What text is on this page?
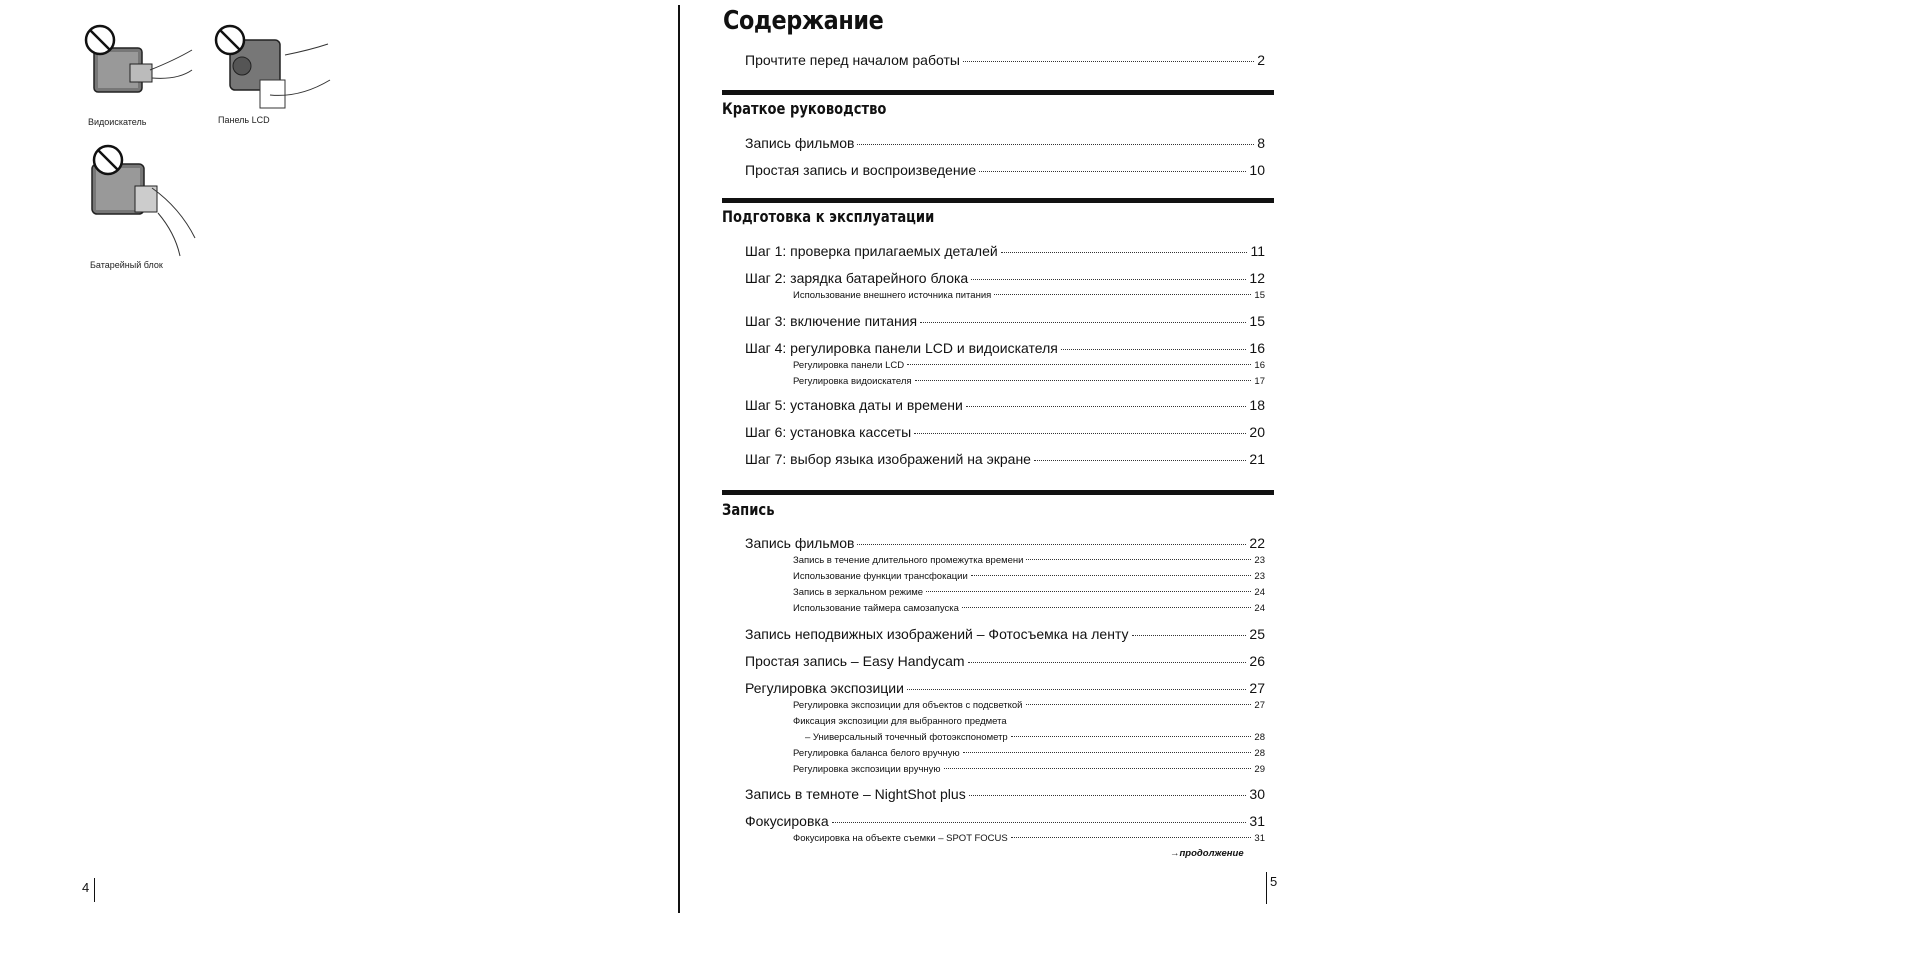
Видоискатель	Панель LCD
Батарейный блок
4
Содержание
Прочтите перед началом работы	2
Краткое руководство
Запись фильмов	8
Простая запись и воспроизведение	10
Подготовка к эксплуатации
Шаг 1: проверка прилагаемых деталей	11
Шаг 2: зарядка батарейного блока	12
Использование внешнего источника питания	15
Шаг 3: включение питания	15
Шаг 4: регулировка панели LCD и видоискателя	16
Регулировка панели LCD	16
Регулировка видоискателя	17
Шаг 5: установка даты и времени	18
Шаг 6: установка кассеты	20
Шаг 7: выбор языка изображений на экране	21
Запись
Запись фильмов	22
Запись в течение длительного промежутка времени	23
Использование функции трансфокации	23
Запись в зеркальном режиме	24
Использование таймера самозапуска	24
Запись неподвижных изображений – Фотосъемка на ленту	25
Простая запись – Easy Handycam	26
Регулировка экспозиции	27
Регулировка экспозиции для объектов с подсветкой	27
Фиксация экспозиции для выбранного предмета
– Универсальный точечный фотоэкспонометр	28
Регулировка баланса белого вручную	28
Регулировка экспозиции вручную	29
Запись в темноте – NightShot plus	30
Фокусировка	31
Фокусировка на объекте съемки – SPOT FOCUS	31
→продолжение
5
